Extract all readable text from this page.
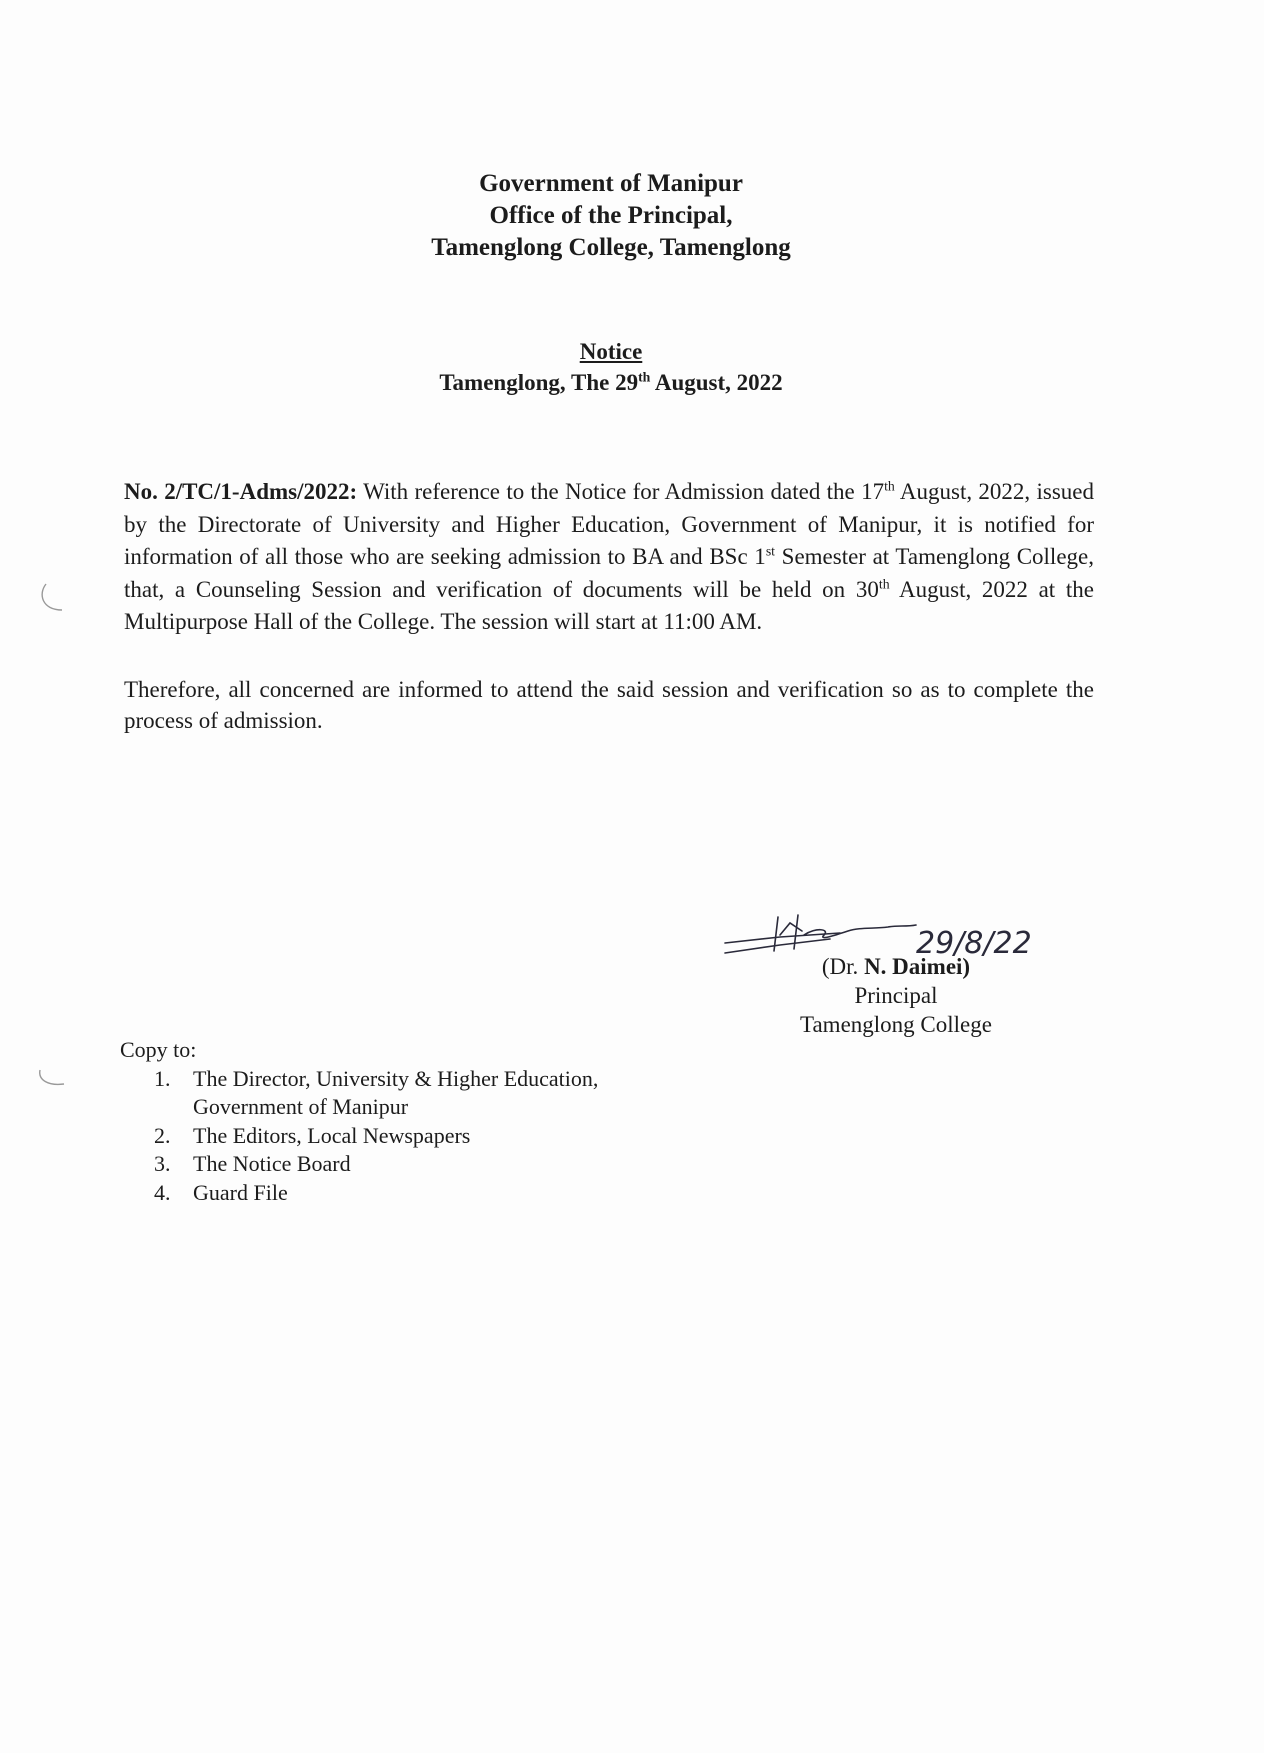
Government of Manipur
Office of the Principal,
Tamenglong College, Tamenglong
Notice
Tamenglong, The 29th August, 2022
No. 2/TC/1-Adms/2022: With reference to the Notice for Admission dated the 17th August, 2022, issued by the Directorate of University and Higher Education, Government of Manipur, it is notified for information of all those who are seeking admission to BA and BSc 1st Semester at Tamenglong College, that, a Counseling Session and verification of documents will be held on 30th August, 2022 at the Multipurpose Hall of the College. The session will start at 11:00 AM.
Therefore, all concerned are informed to attend the said session and verification so as to complete the process of admission.
29/8/22
(Dr. N. Daimei)
Principal
Tamenglong College
Copy to:
1.	The Director, University & Higher Education,
Government of Manipur
2.	The Editors, Local Newspapers
3.	The Notice Board
4.	Guard File
